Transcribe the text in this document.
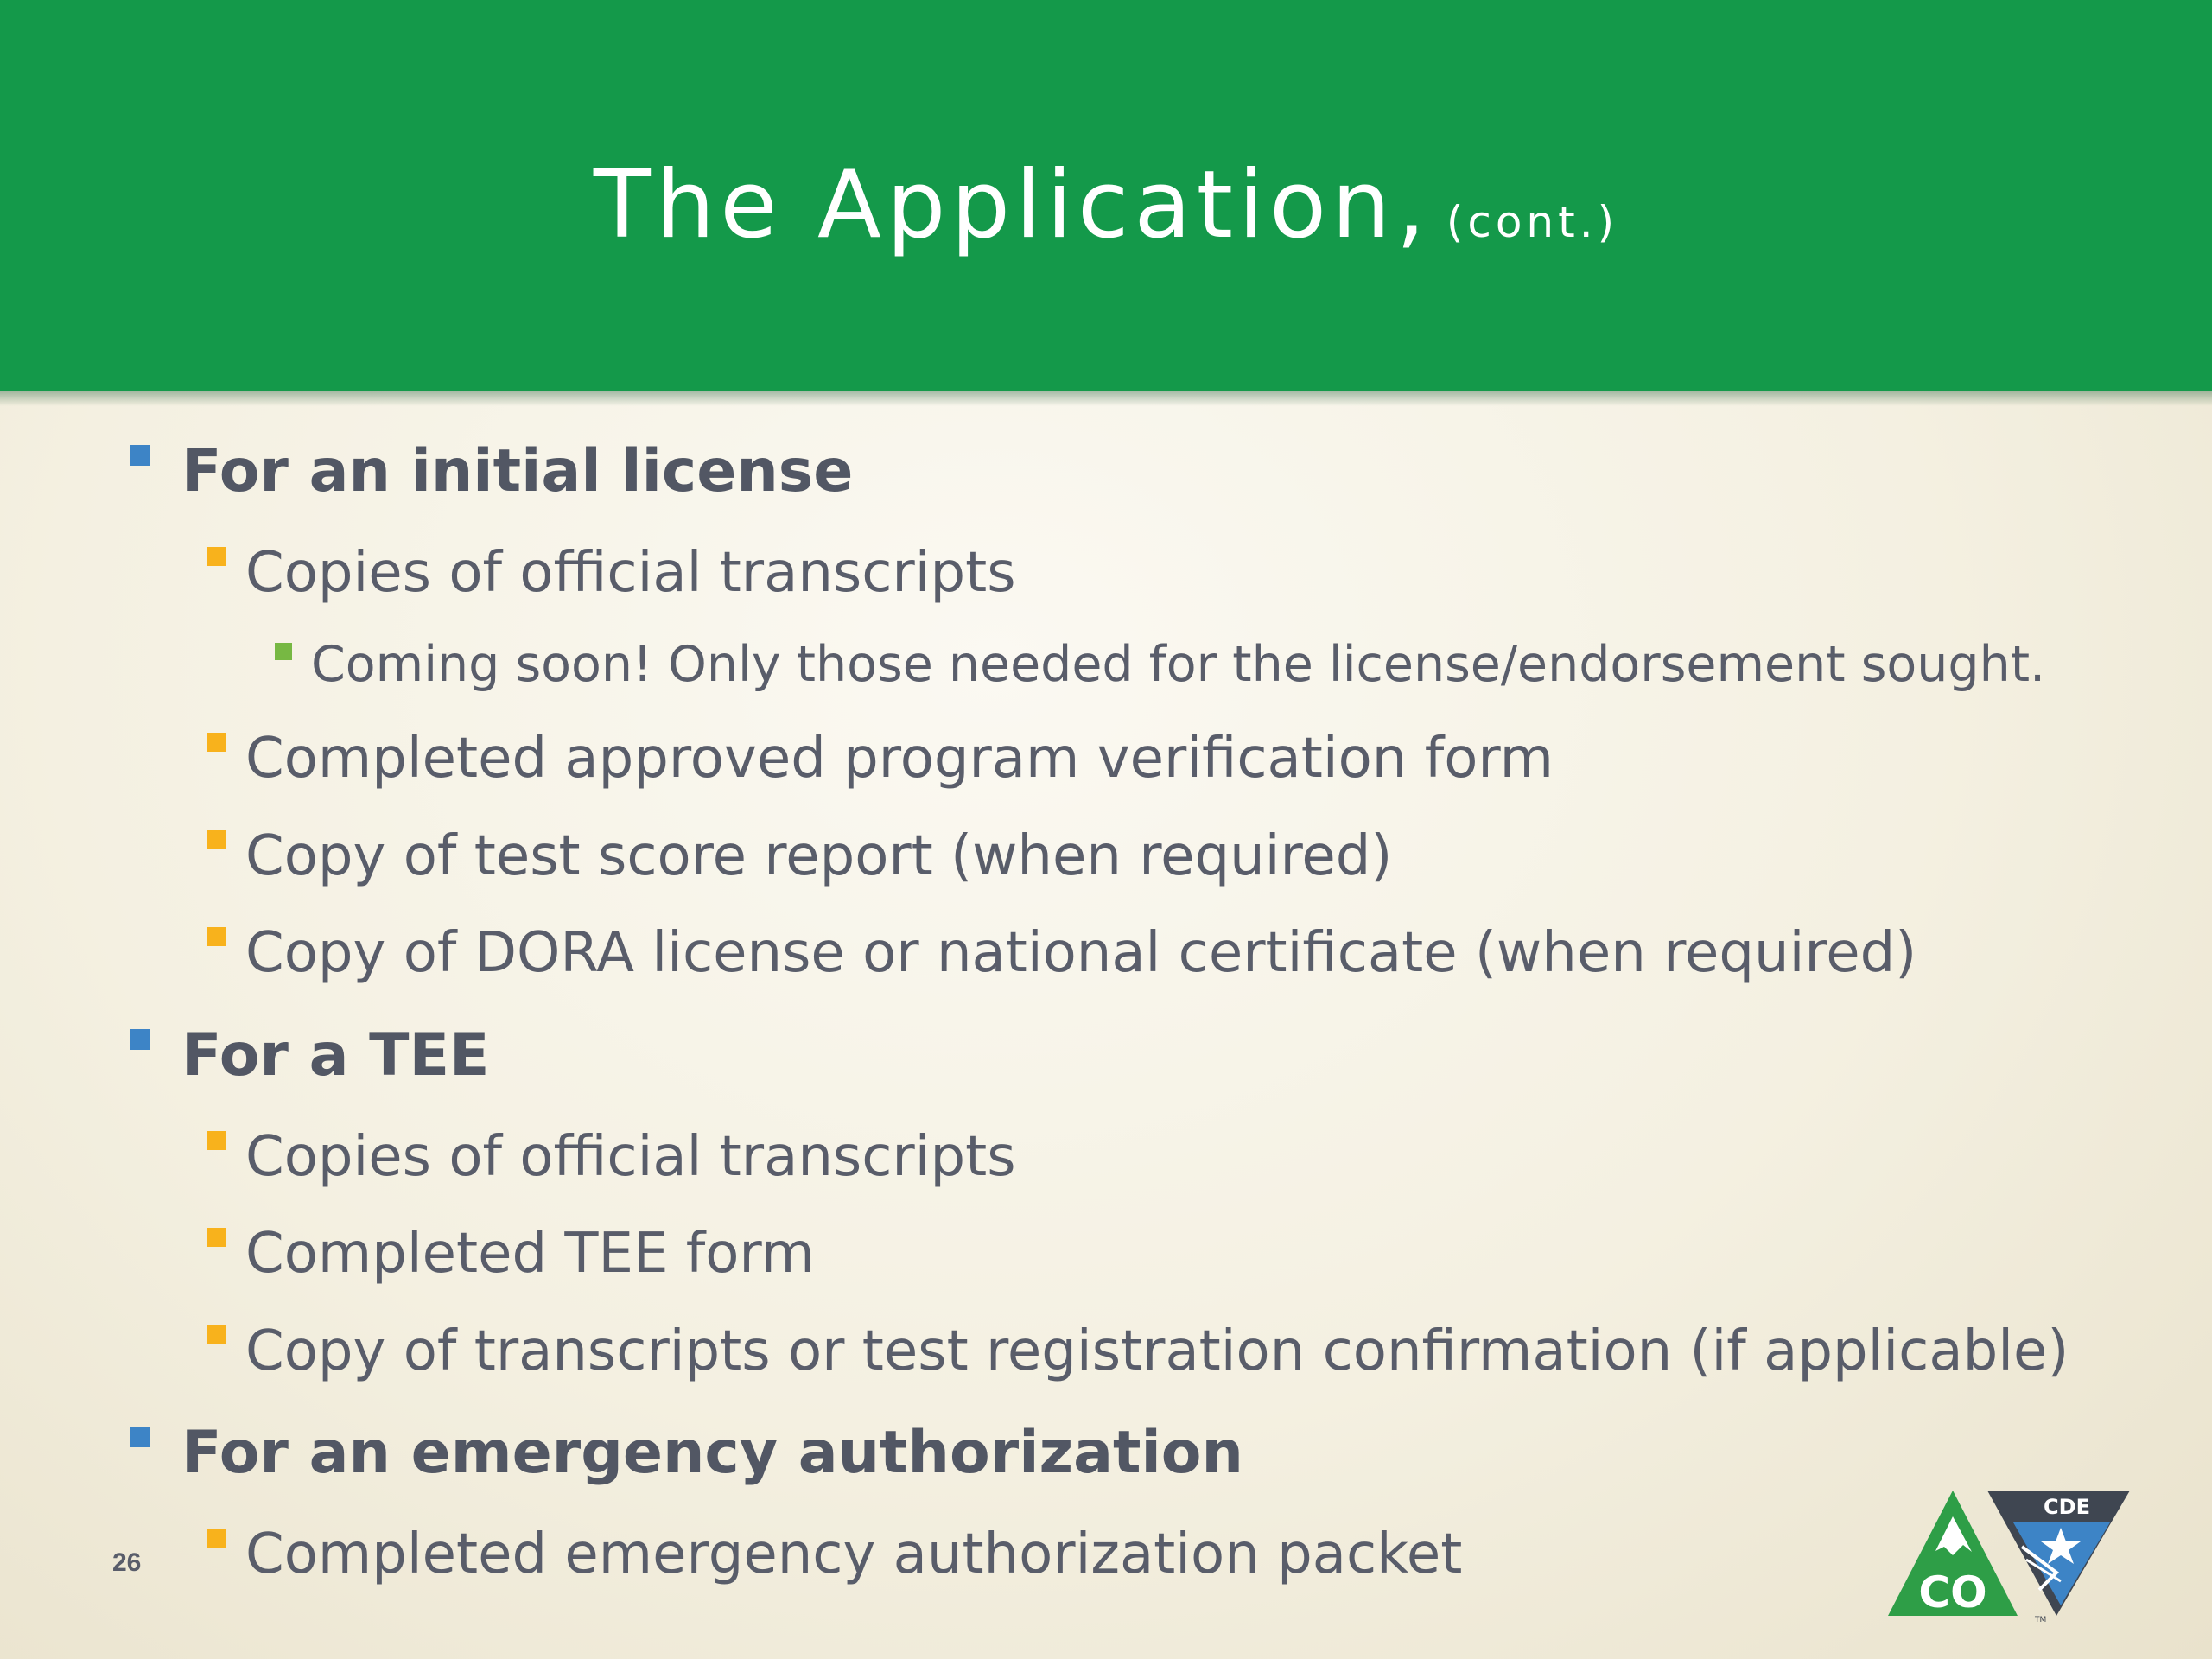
The Application, (cont.)
For an initial license
Copies of official transcripts
Coming soon! Only those needed for the license/endorsement sought.
Completed approved program verification form
Copy of test score report (when required)
Copy of DORA license or national certificate (when required)
For a TEE
Copies of official transcripts
Completed TEE form
Copy of transcripts or test registration confirmation (if applicable)
For an emergency authorization
Completed emergency authorization packet
26
CO
CDE
TM
